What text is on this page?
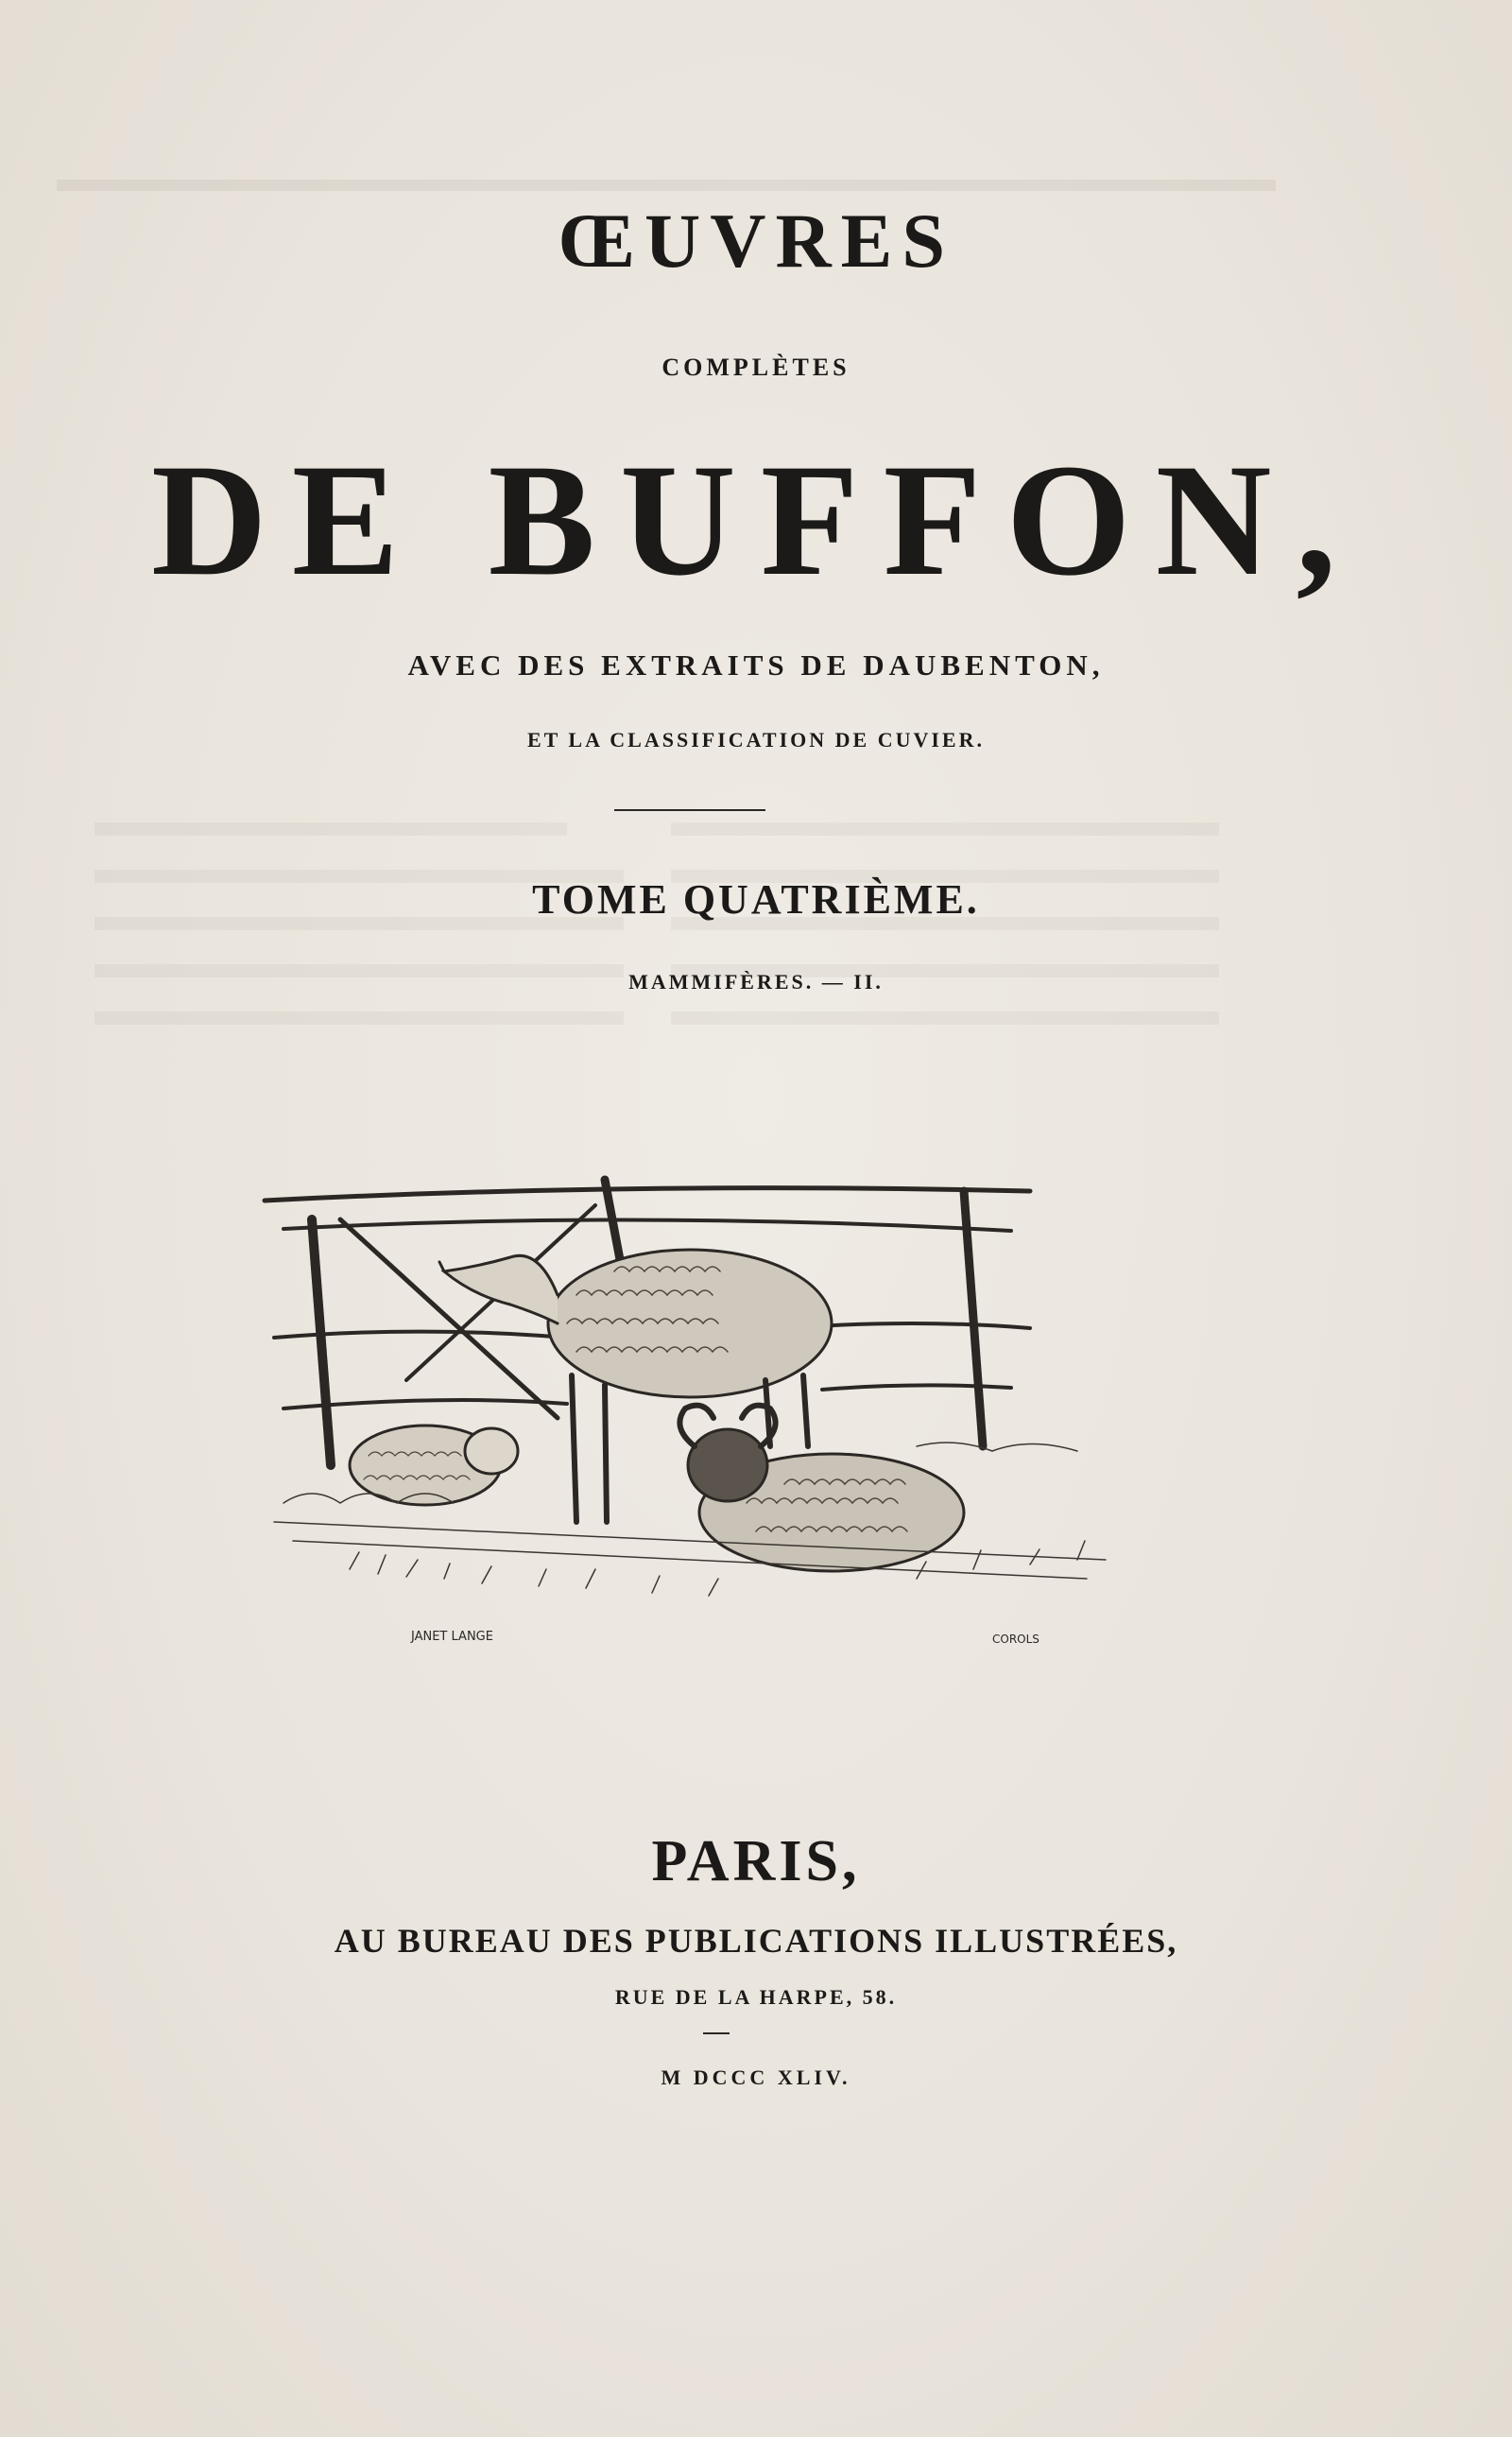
ŒUVRES
COMPLÈTES
DE BUFFON,
AVEC DES EXTRAITS DE DAUBENTON,
ET LA CLASSIFICATION DE CUVIER.
TOME QUATRIÈME.
MAMMIFÈRES. — II.
JANET LANGE	COROLS
PARIS,
AU BUREAU DES PUBLICATIONS ILLUSTRÉES,
RUE DE LA HARPE, 58.
M DCCC XLIV.
